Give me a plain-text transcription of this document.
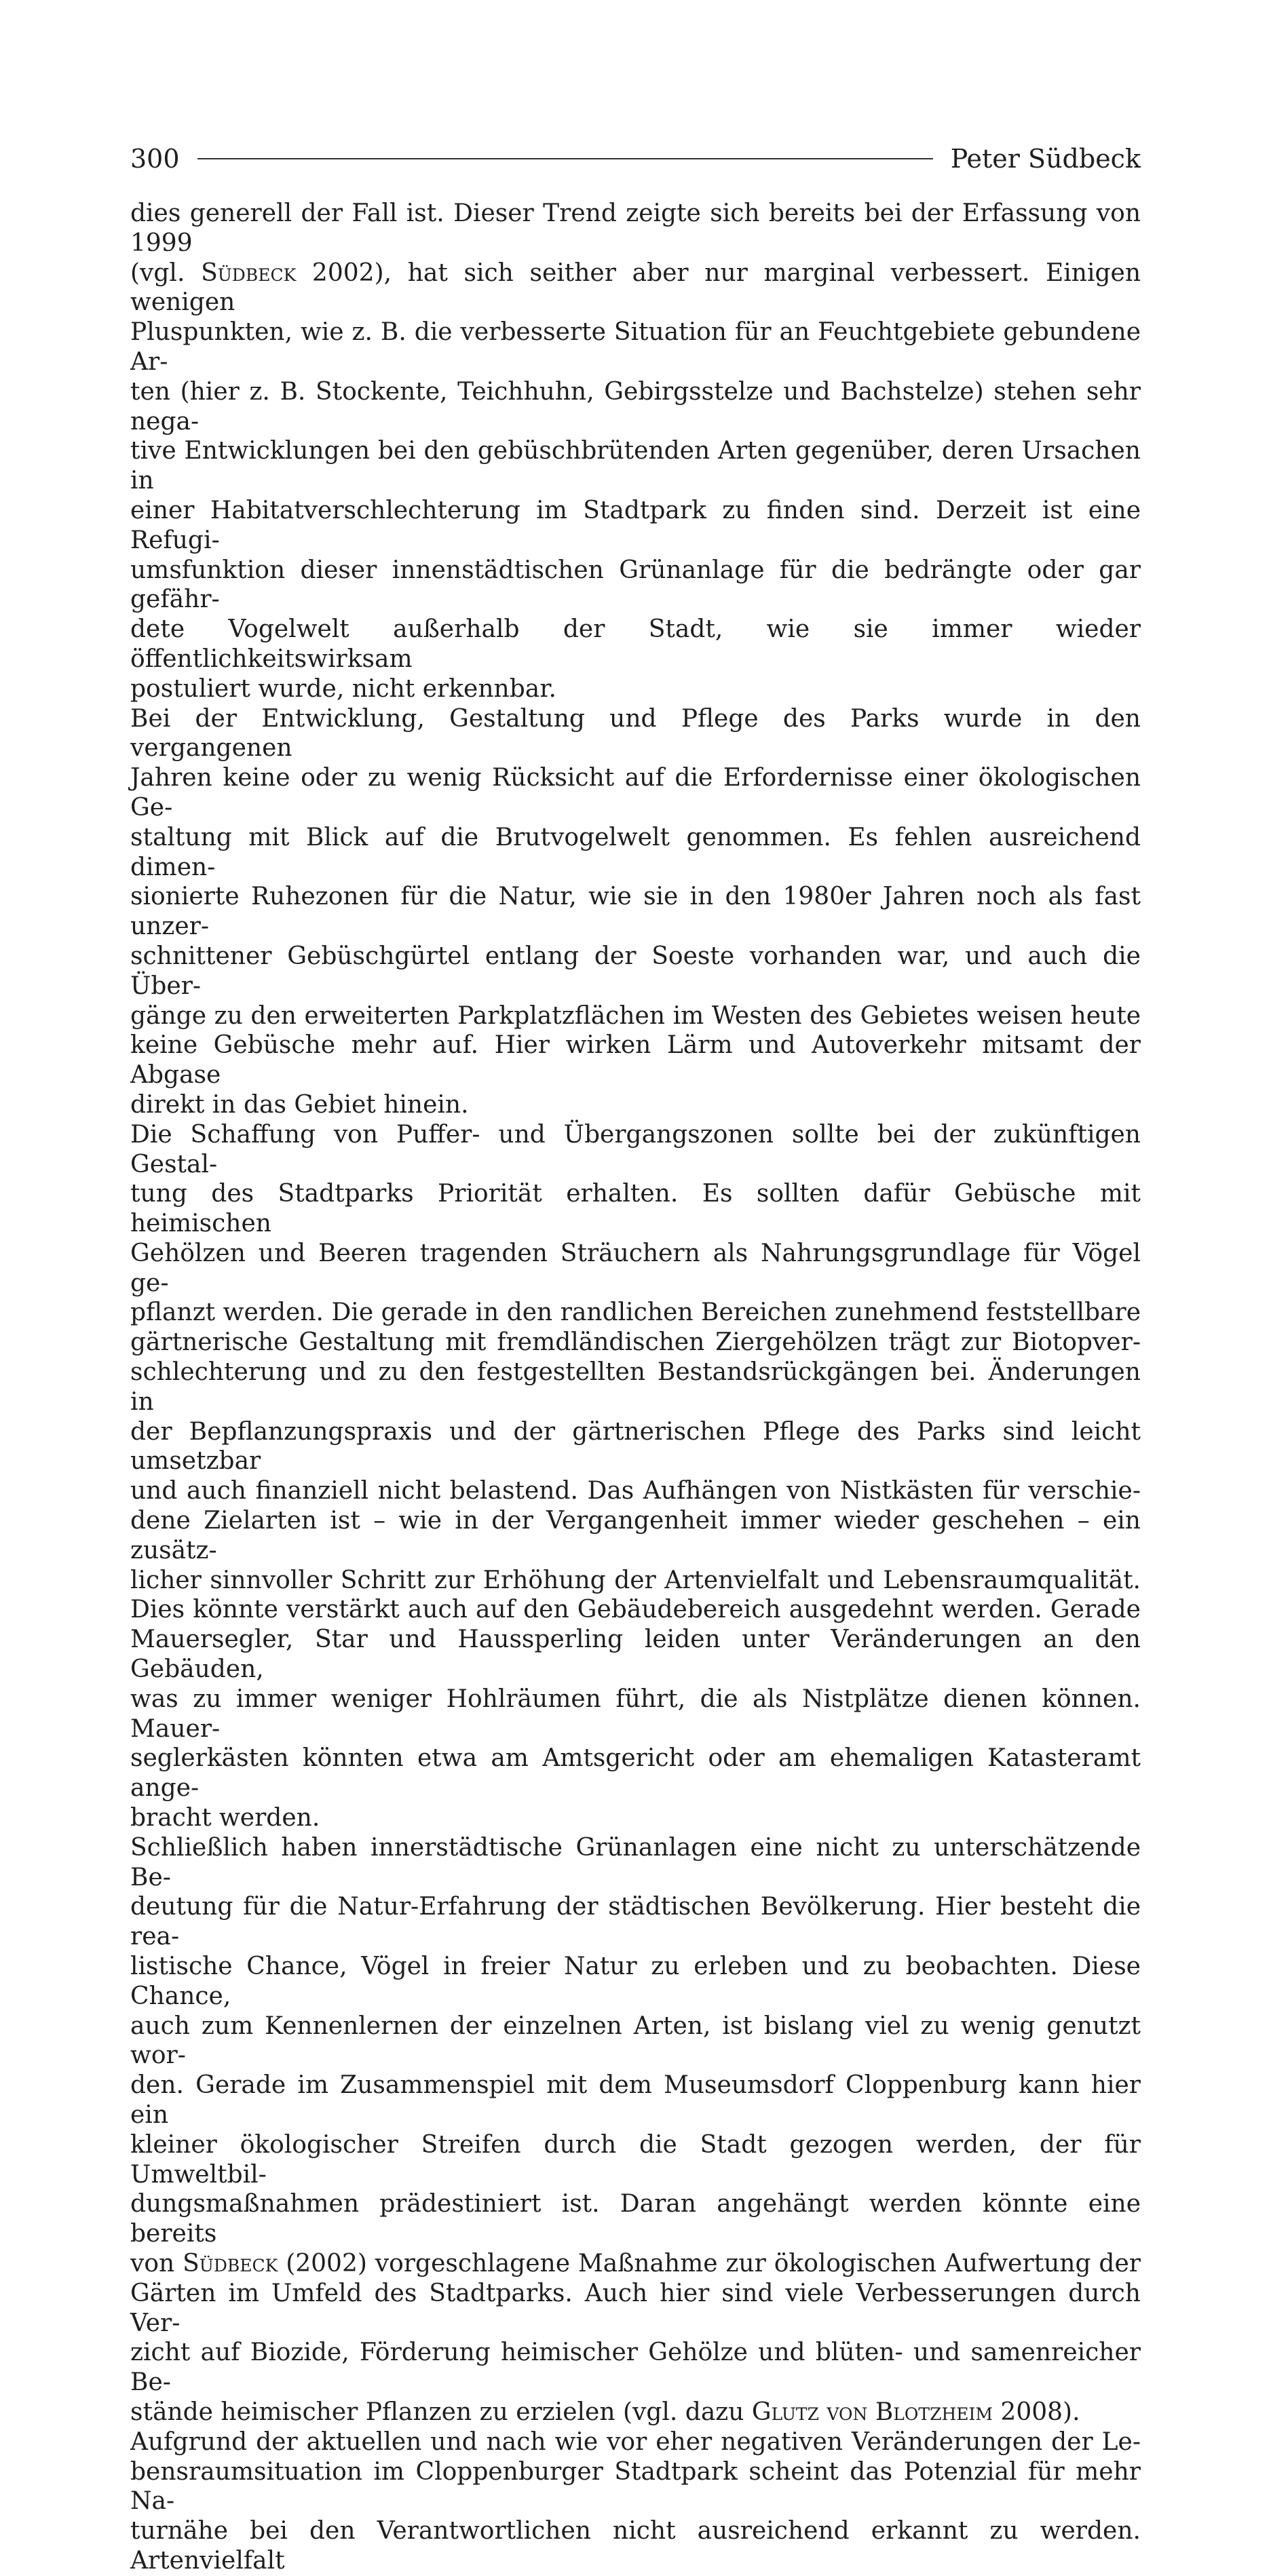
300	Peter Südbeck

dies generell der Fall ist. Dieser Trend zeigte sich bereits bei der Erfassung von 1999

(vgl. Südbeck 2002), hat sich seither aber nur marginal verbessert. Einigen wenigen

Pluspunkten, wie z. B. die verbesserte Situation für an Feuchtgebiete gebundene Ar-

ten (hier z. B. Stockente, Teichhuhn, Gebirgsstelze und Bachstelze) stehen sehr nega-

tive Entwicklungen bei den gebüschbrütenden Arten gegenüber, deren Ursachen in

einer Habitatverschlechterung im Stadtpark zu finden sind. Derzeit ist eine Refugi-

umsfunktion dieser innenstädtischen Grünanlage für die bedrängte oder gar gefähr-

dete Vogelwelt außerhalb der Stadt, wie sie immer wieder öffentlichkeitswirksam

postuliert wurde, nicht erkennbar.

Bei der Entwicklung, Gestaltung und Pflege des Parks wurde in den vergangenen

Jahren keine oder zu wenig Rücksicht auf die Erfordernisse einer ökologischen Ge-

staltung mit Blick auf die Brutvogelwelt genommen. Es fehlen ausreichend dimen-

sionierte Ruhezonen für die Natur, wie sie in den 1980er Jahren noch als fast unzer-

schnittener Gebüschgürtel entlang der Soeste vorhanden war, und auch die Über-

gänge zu den erweiterten Parkplatzflächen im Westen des Gebietes weisen heute

keine Gebüsche mehr auf. Hier wirken Lärm und Autoverkehr mitsamt der Abgase

direkt in das Gebiet hinein.

Die Schaffung von Puffer- und Übergangszonen sollte bei der zukünftigen Gestal-

tung des Stadtparks Priorität erhalten. Es sollten dafür Gebüsche mit heimischen

Gehölzen und Beeren tragenden Sträuchern als Nahrungsgrundlage für Vögel ge-

pflanzt werden. Die gerade in den randlichen Bereichen zunehmend feststellbare

gärtnerische Gestaltung mit fremdländischen Ziergehölzen trägt zur Biotopver-

schlechterung und zu den festgestellten Bestandsrückgängen bei. Änderungen in

der Bepflanzungspraxis und der gärtnerischen Pflege des Parks sind leicht umsetzbar

und auch finanziell nicht belastend. Das Aufhängen von Nistkästen für verschie-

dene Zielarten ist – wie in der Vergangenheit immer wieder geschehen – ein zusätz-

licher sinnvoller Schritt zur Erhöhung der Artenvielfalt und Lebensraumqualität.

Dies könnte verstärkt auch auf den Gebäudebereich ausgedehnt werden. Gerade

Mauersegler, Star und Haussperling leiden unter Veränderungen an den Gebäuden,

was zu immer weniger Hohlräumen führt, die als Nistplätze dienen können. Mauer-

seglerkästen könnten etwa am Amtsgericht oder am ehemaligen Katasteramt ange-

bracht werden.

Schließlich haben innerstädtische Grünanlagen eine nicht zu unterschätzende Be-

deutung für die Natur-Erfahrung der städtischen Bevölkerung. Hier besteht die rea-

listische Chance, Vögel in freier Natur zu erleben und zu beobachten. Diese Chance,

auch zum Kennenlernen der einzelnen Arten, ist bislang viel zu wenig genutzt wor-

den. Gerade im Zusammenspiel mit dem Museumsdorf Cloppenburg kann hier ein

kleiner ökologischer Streifen durch die Stadt gezogen werden, der für Umweltbil-

dungsmaßnahmen prädestiniert ist. Daran angehängt werden könnte eine bereits

von Südbeck (2002) vorgeschlagene Maßnahme zur ökologischen Aufwertung der

Gärten im Umfeld des Stadtparks. Auch hier sind viele Verbesserungen durch Ver-

zicht auf Biozide, Förderung heimischer Gehölze und blüten- und samenreicher Be-

stände heimischer Pflanzen zu erzielen (vgl. dazu Glutz von Blotzheim 2008).

Aufgrund der aktuellen und nach wie vor eher negativen Veränderungen der Le-

bensraumsituation im Cloppenburger Stadtpark scheint das Potenzial für mehr Na-

turnähe bei den Verantwortlichen nicht ausreichend erkannt zu werden. Artenvielfalt
